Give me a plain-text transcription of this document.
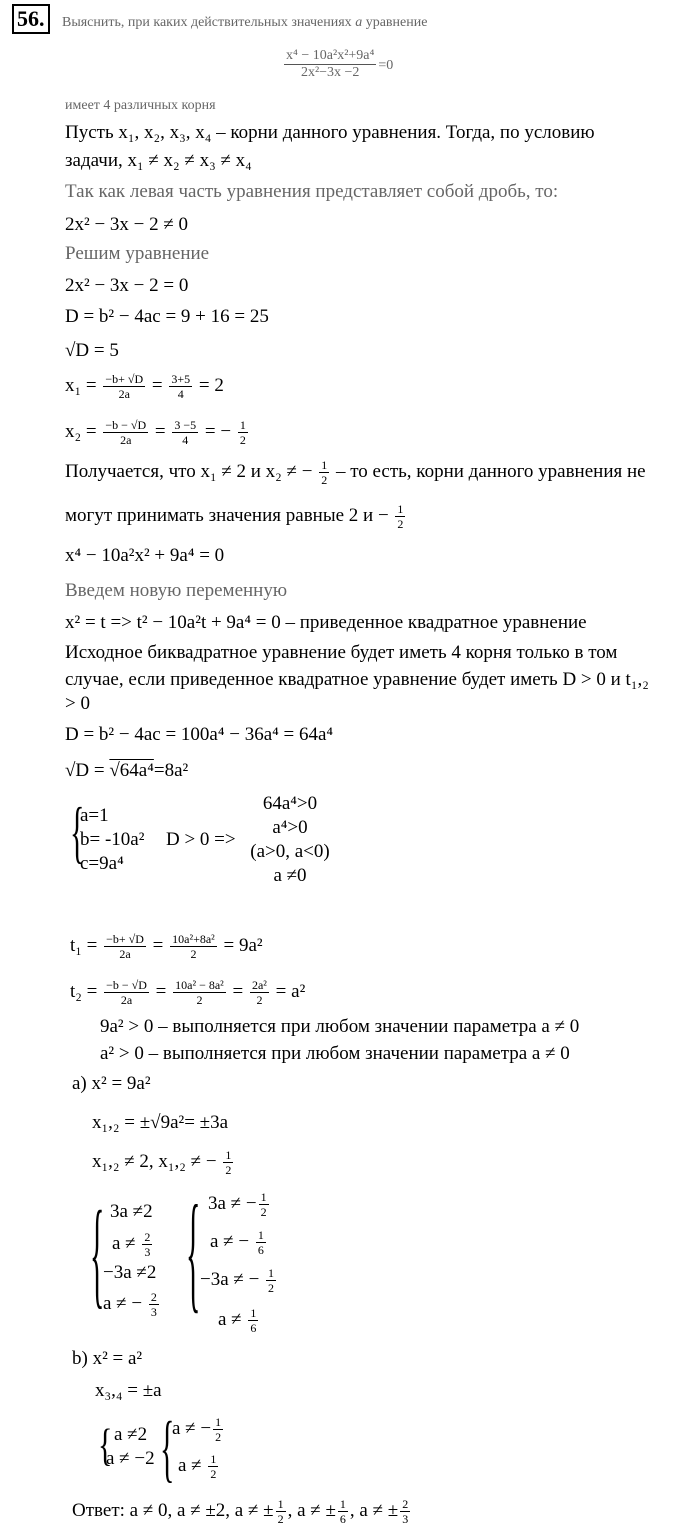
56.	Выяснить, при каких действительных значениях a уравнение
$\frac{\text{x⁴ − 10a²x²+9a⁴}}{\text{2x²−3x −2}} =0$
имеет 4 различных корня
Пусть x₁, x₂, x₃, x₄ – корни данного уравнения. Тогда, по условию
задачи, x₁ ≠ x₂ ≠ x₃ ≠ x₄
Так как левая часть уравнения представляет собой дробь, то:
2x² − 3x − 2 ≠ 0
Решим уравнение
2x² − 3x − 2 = 0
D = b² − 4ac = 9 + 16 = 25
√D = 5
$x_1 = \frac{-b+ √D}{2a} = \frac{3+5}{4} = 2$
$x_2 = \frac{-b - √D}{2a} = \frac{3 -5}{4}$ = − $\frac{1}{2}$
Получается, что x₁ ≠ 2 и x₂ ≠ − $\frac{1}{2}$ – то есть, корни данного уравнения не
могут принимать значения равные 2 $и - \frac{1}{2}$
x⁴ − 10a²x² + 9a⁴ = 0
Введем новую переменную
x² = t => t² − 10a²t + 9a⁴ = 0 – приведенное квадратное уравнение
Исходное биквадратное уравнение будет иметь 4 корня только в том
случае, если приведенное квадратное уравнение будет иметь D > 0 и t₁,₂
> 0
D = b² − 4ac = 100a⁴ − 36a⁴ = 64a⁴
√D = √64a⁴=8a²
{
a=1
b= -10a²
c=9a⁴
D > 0 =>
64a⁴>0
a⁴>0
(a>0, a<0)
a ≠0
$t_1 = \frac{-b+ √D}{2a} = \frac{\text{10a²+8a²}}{2} = 9a^2$
$t_2 = \frac{-b - √D}{2a} = \frac{\text{10a² − 8a²}}{2} = \frac{\text{2a²}}{2} = a^2$
9a² > 0 – выполняется при любом значении параметра a ≠ 0
a² > 0 – выполняется при любом значении параметра a ≠ 0
а) x² = 9a²
x₁,₂ = ±√9a²= ±3a
x₁,₂ ≠ 2, x₁,₂ ≠ − $\frac{1}{2}$
{ 3a ≠2
$a \ne \frac{2}{3}$
−3a ≠2
a ≠ − $\frac{2}{3}$ { 3a ≠ − $\frac{1}{2}$
a ≠ − $\frac{1}{6}$
−3a ≠ − $\frac{1}{2}$
$a \ne \frac{1}{6}$
b) x² = a²
x₃,₄ = ±a
{ a ≠2
a ≠ −2 {
a ≠ − $\frac{1}{2}$
$a \ne \frac{1}{2}$
Ответ: a ≠ 0, a ≠ ±2, a ≠ ± $\frac{1}{2}$ , a ≠ ± $\frac{1}{6}$ , a ≠ ± $\frac{2}{3}$
